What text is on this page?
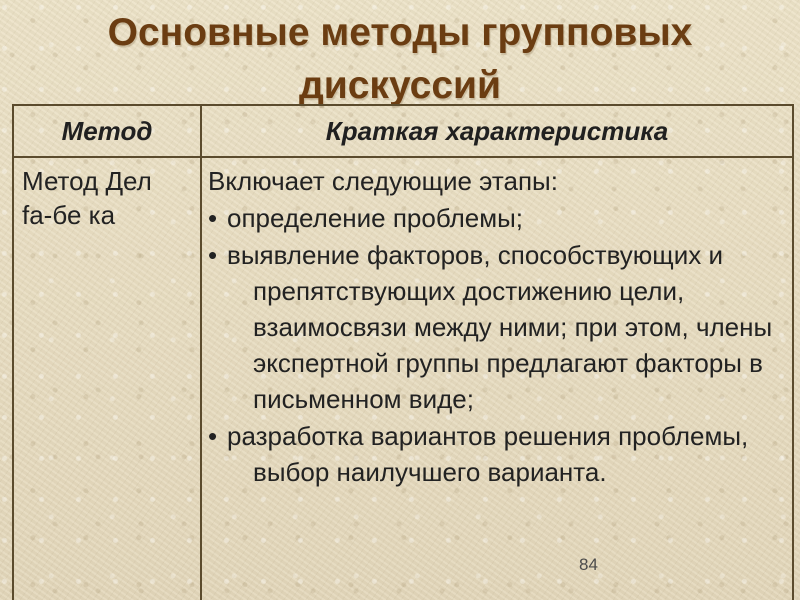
Основные методы групповых
дискуссий
Метод	Краткая характеристика
Метод Дел
fa-бе ка
Включает следующие этапы:
• определение проблемы;
• выявление факторов, способствующих и препятствующих достижению цели, взаимосвязи между ними; при этом, члены экспертной группы предлагают факторы в письменном виде;
• разработка вариантов решения проблемы, выбор наилучшего варианта.
84
